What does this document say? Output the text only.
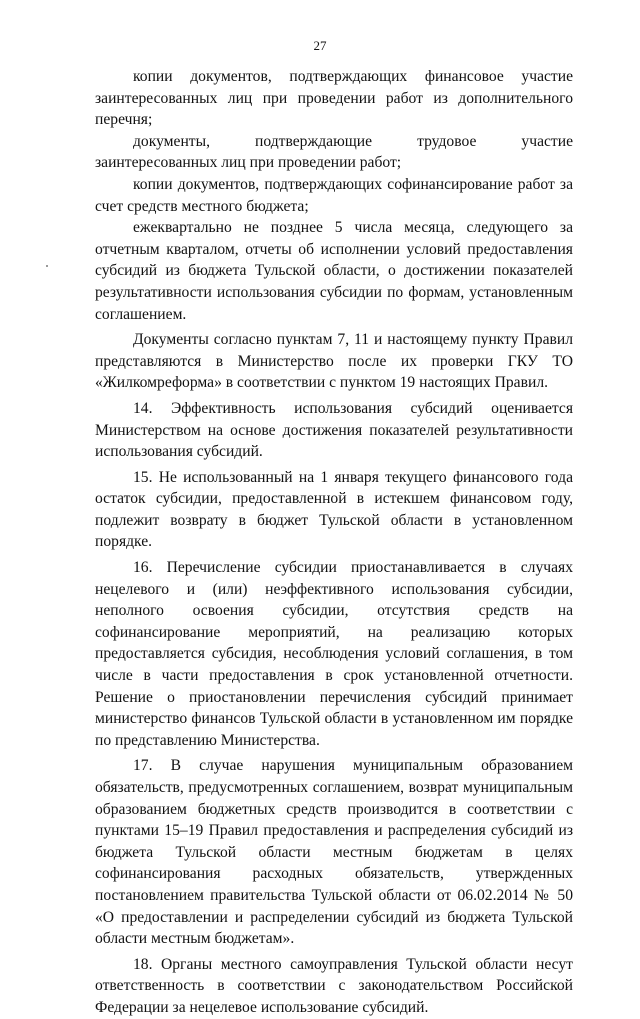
27

копии документов, подтверждающих финансовое участие заинтересованных лиц при проведении работ из дополнительного перечня;

документы, подтверждающие трудовое участие заинтересованных лиц при проведении работ;

копии документов, подтверждающих софинансирование работ за счет средств местного бюджета;

ежеквартально не позднее 5 числа месяца, следующего за отчетным кварталом, отчеты об исполнении условий предоставления субсидий из бюджета Тульской области, о достижении показателей результативности использования субсидии по формам, установленным соглашением.

Документы согласно пунктам 7, 11 и настоящему пункту Правил представляются в Министерство после их проверки ГКУ ТО «Жилкомреформа» в соответствии с пунктом 19 настоящих Правил.

14. Эффективность использования субсидий оценивается Министерством на основе достижения показателей результативности использования субсидий.

15. Не использованный на 1 января текущего финансового года остаток субсидии, предоставленной в истекшем финансовом году, подлежит возврату в бюджет Тульской области в установленном порядке.

16. Перечисление субсидии приостанавливается в случаях нецелевого и (или) неэффективного использования субсидии, неполного освоения субсидии, отсутствия средств на софинансирование мероприятий, на реализацию которых предоставляется субсидия, несоблюдения условий соглашения, в том числе в части предоставления в срок установленной отчетности. Решение о приостановлении перечисления субсидий принимает министерство финансов Тульской области в установленном им порядке по представлению Министерства.

17. В случае нарушения муниципальным образованием обязательств, предусмотренных соглашением, возврат муниципальным образованием бюджетных средств производится в соответствии с пунктами 15–19 Правил предоставления и распределения субсидий из бюджета Тульской области местным бюджетам в целях софинансирования расходных обязательств, утвержденных постановлением правительства Тульской области от 06.02.2014 № 50 «О предоставлении и распределении субсидий из бюджета Тульской области местным бюджетам».

18. Органы местного самоуправления Тульской области несут ответственность в соответствии с законодательством Российской Федерации за нецелевое использование субсидий.
